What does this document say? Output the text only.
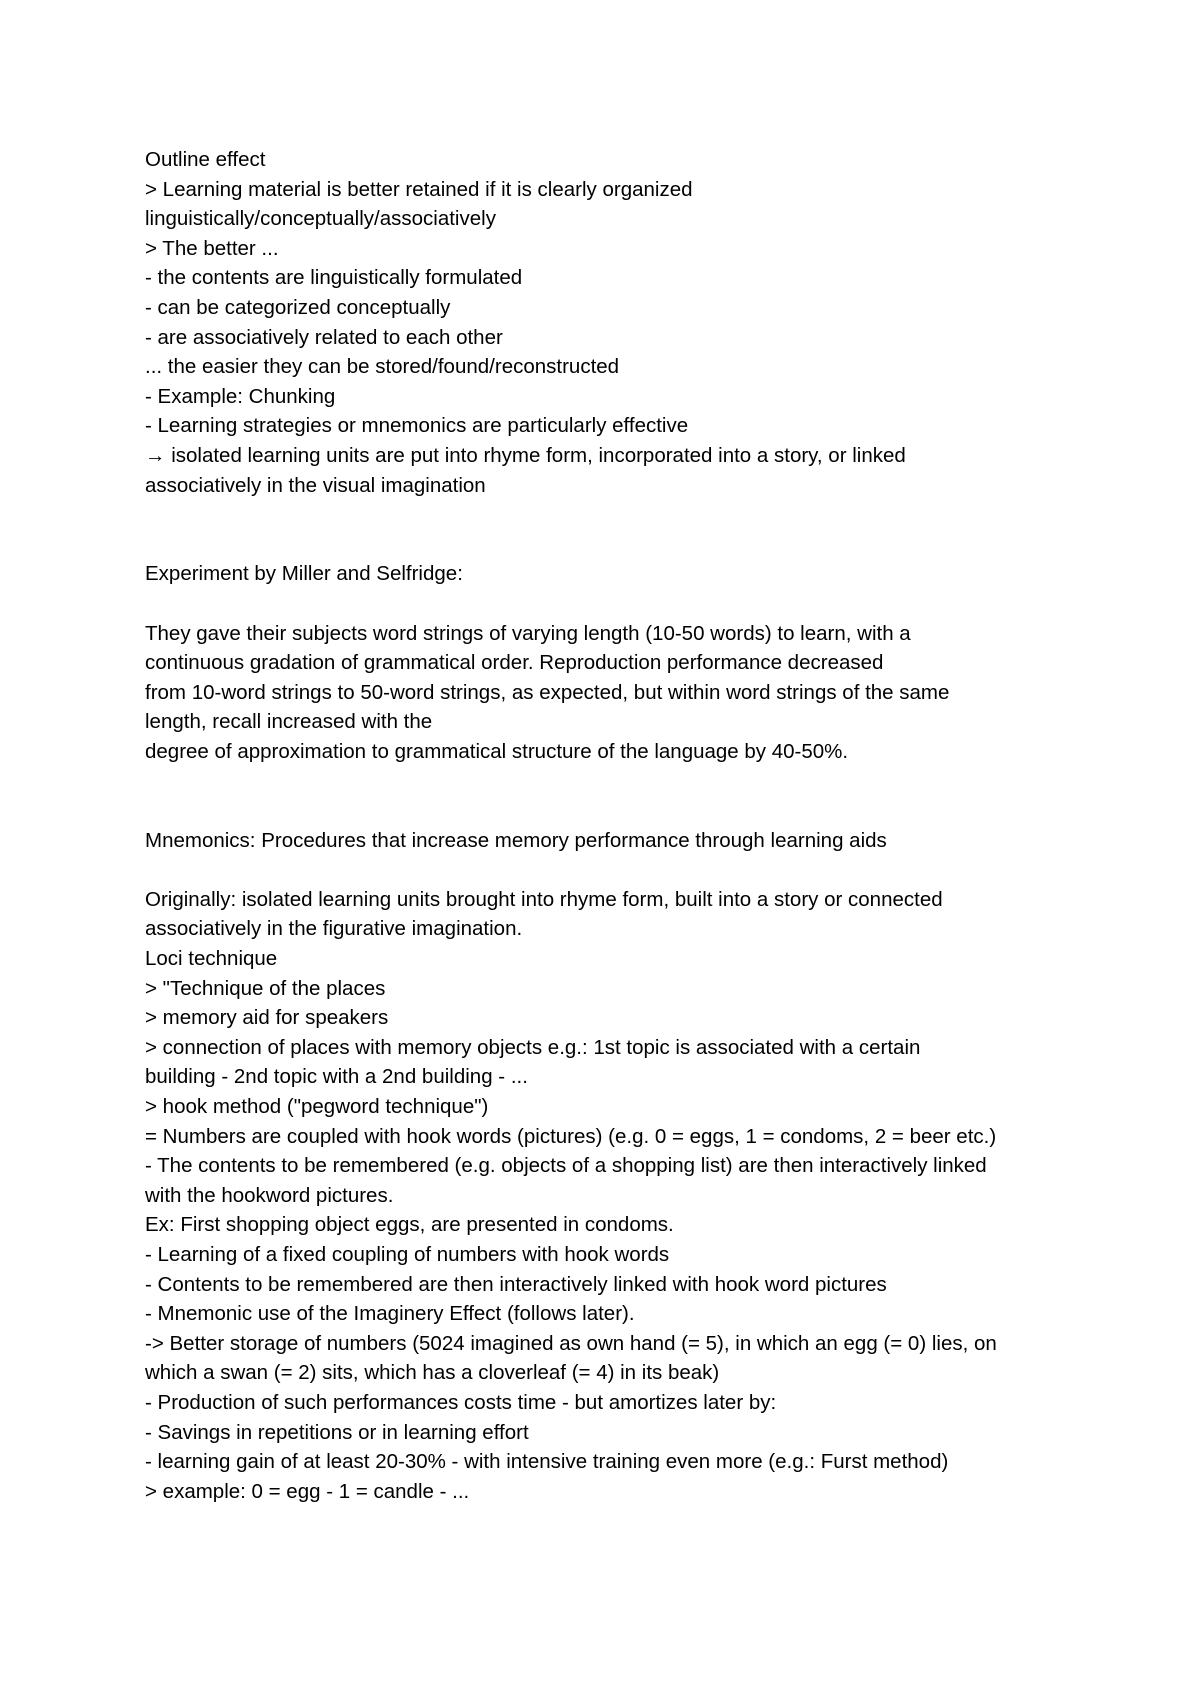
Outline effect
> Learning material is better retained if it is clearly organized
linguistically/conceptually/associatively
> The better ...
- the contents are linguistically formulated
- can be categorized conceptually
- are associatively related to each other
... the easier they can be stored/found/reconstructed
- Example: Chunking
- Learning strategies or mnemonics are particularly effective
→ isolated learning units are put into rhyme form, incorporated into a story, or linked
associatively in the visual imagination
Experiment by Miller and Selfridge:
They gave their subjects word strings of varying length (10-50 words) to learn, with a
continuous gradation of grammatical order. Reproduction performance decreased
from 10-word strings to 50-word strings, as expected, but within word strings of the same
length, recall increased with the
degree of approximation to grammatical structure of the language by 40-50%.
Mnemonics: Procedures that increase memory performance through learning aids
Originally: isolated learning units brought into rhyme form, built into a story or connected
associatively in the figurative imagination.
Loci technique
> "Technique of the places
> memory aid for speakers
> connection of places with memory objects e.g.: 1st topic is associated with a certain
building - 2nd topic with a 2nd building - ...
> hook method ("pegword technique")
= Numbers are coupled with hook words (pictures) (e.g. 0 = eggs, 1 = condoms, 2 = beer etc.)
- The contents to be remembered (e.g. objects of a shopping list) are then interactively linked
with the hookword pictures.
Ex: First shopping object eggs, are presented in condoms.
- Learning of a fixed coupling of numbers with hook words
- Contents to be remembered are then interactively linked with hook word pictures
- Mnemonic use of the Imaginery Effect (follows later).
-> Better storage of numbers (5024 imagined as own hand (= 5), in which an egg (= 0) lies, on
which a swan (= 2) sits, which has a cloverleaf (= 4) in its beak)
- Production of such performances costs time - but amortizes later by:
- Savings in repetitions or in learning effort
- learning gain of at least 20-30% - with intensive training even more (e.g.: Furst method)
> example: 0 = egg - 1 = candle - ...
